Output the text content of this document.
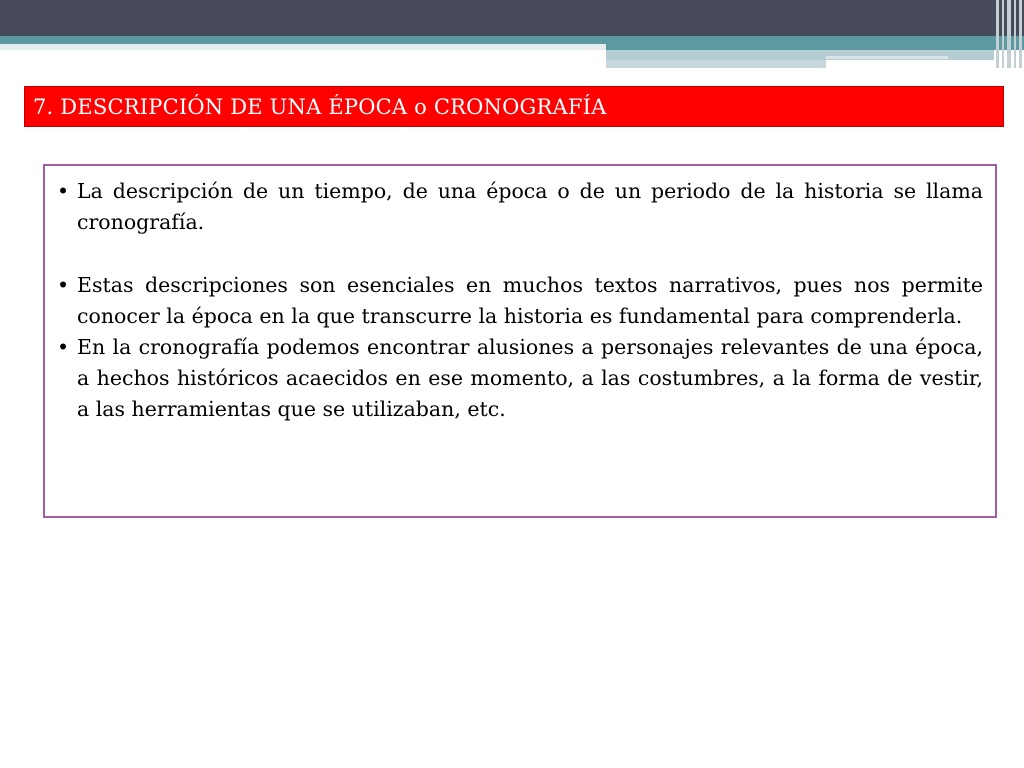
7. DESCRIPCIÓN DE UNA ÉPOCA o CRONOGRAFÍA
• La descripción de un tiempo, de una época o de un periodo de la historia se llama cronografía.
• Estas descripciones son esenciales en muchos textos narrativos, pues nos permite conocer la época en la que transcurre la historia es fundamental para comprenderla.
• En la cronografía podemos encontrar alusiones a personajes relevantes de una época, a hechos históricos acaecidos en ese momento, a las costumbres, a la forma de vestir, a las herramientas que se utilizaban, etc.
